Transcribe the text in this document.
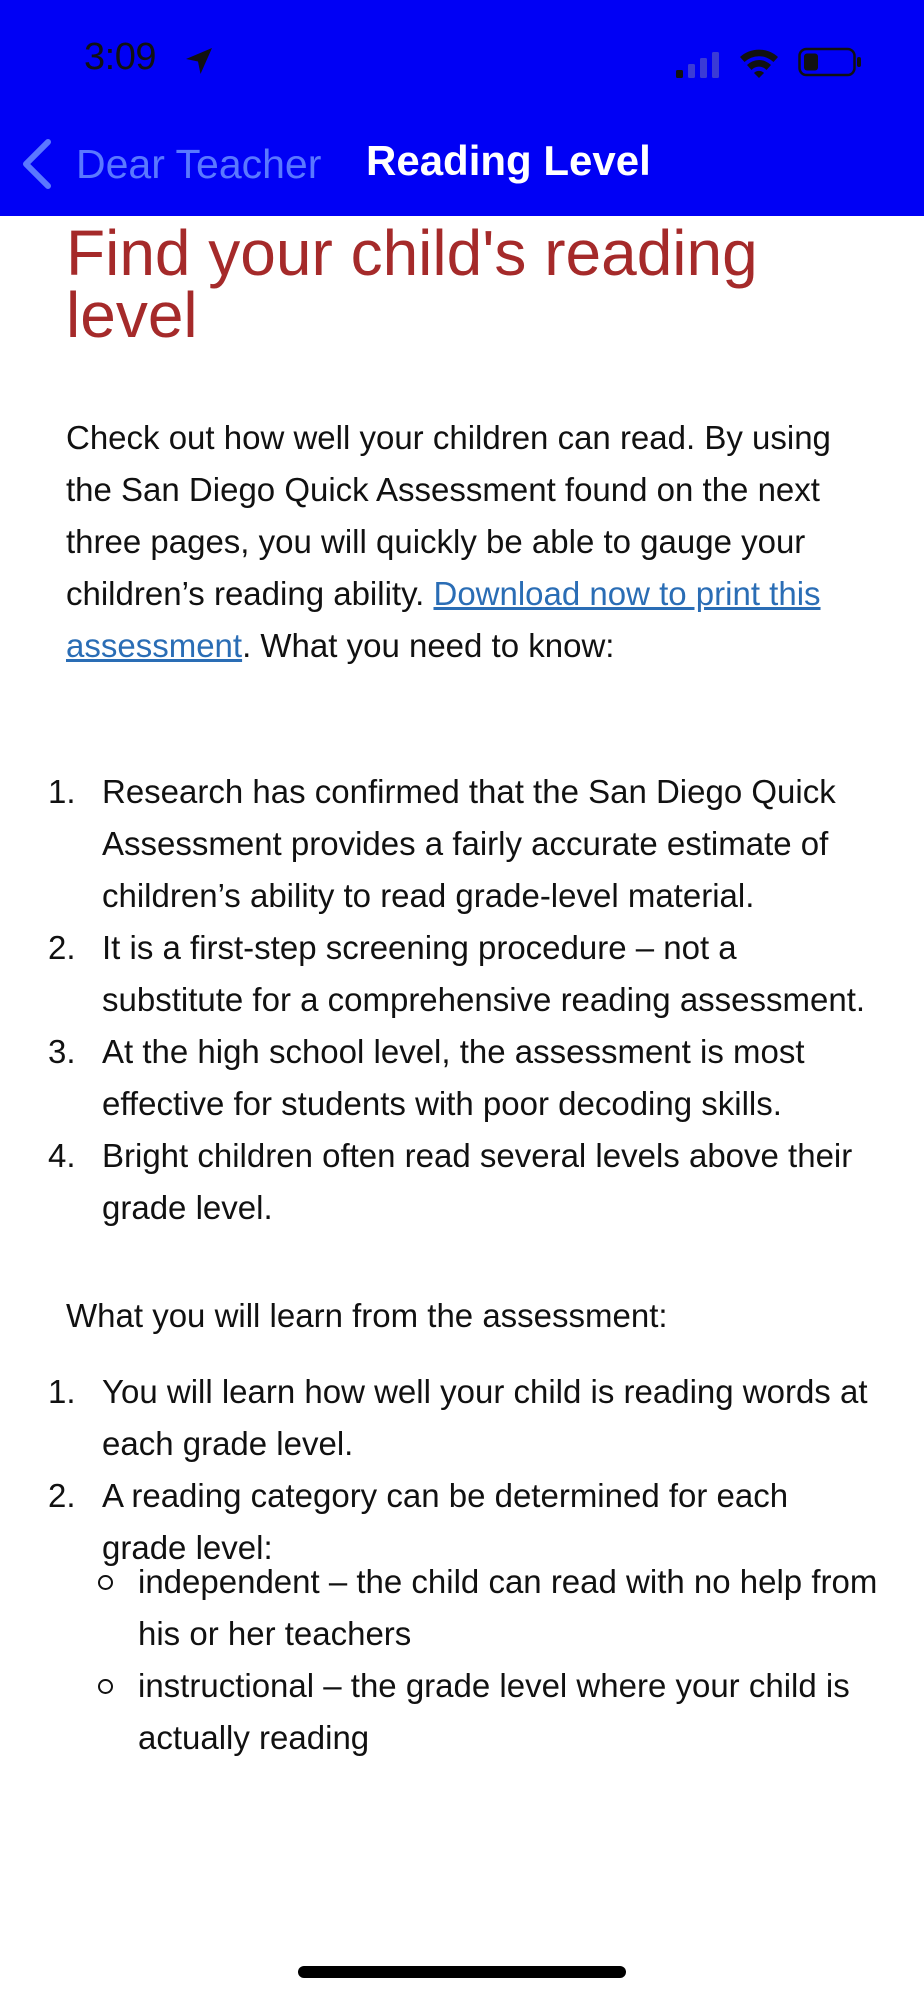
3:09
Dear Teacher Reading Level
Find your child's reading level

Check out how well your children can read. By using the San Diego Quick Assessment found on the next three pages, you will quickly be able to gauge your children’s reading ability. Download now to print this assessment. What you need to know:

1. Research has confirmed that the San Diego Quick Assessment provides a fairly accurate estimate of children’s ability to read grade-level material.
2. It is a first-step screening procedure – not a substitute for a comprehensive reading assessment.
3. At the high school level, the assessment is most effective for students with poor decoding skills.
4. Bright children often read several levels above their grade level.

What you will learn from the assessment:

1. You will learn how well your child is reading words at each grade level.
2. A reading category can be determined for each grade level:
independent – the child can read with no help from his or her teachers
instructional – the grade level where your child is actually reading
